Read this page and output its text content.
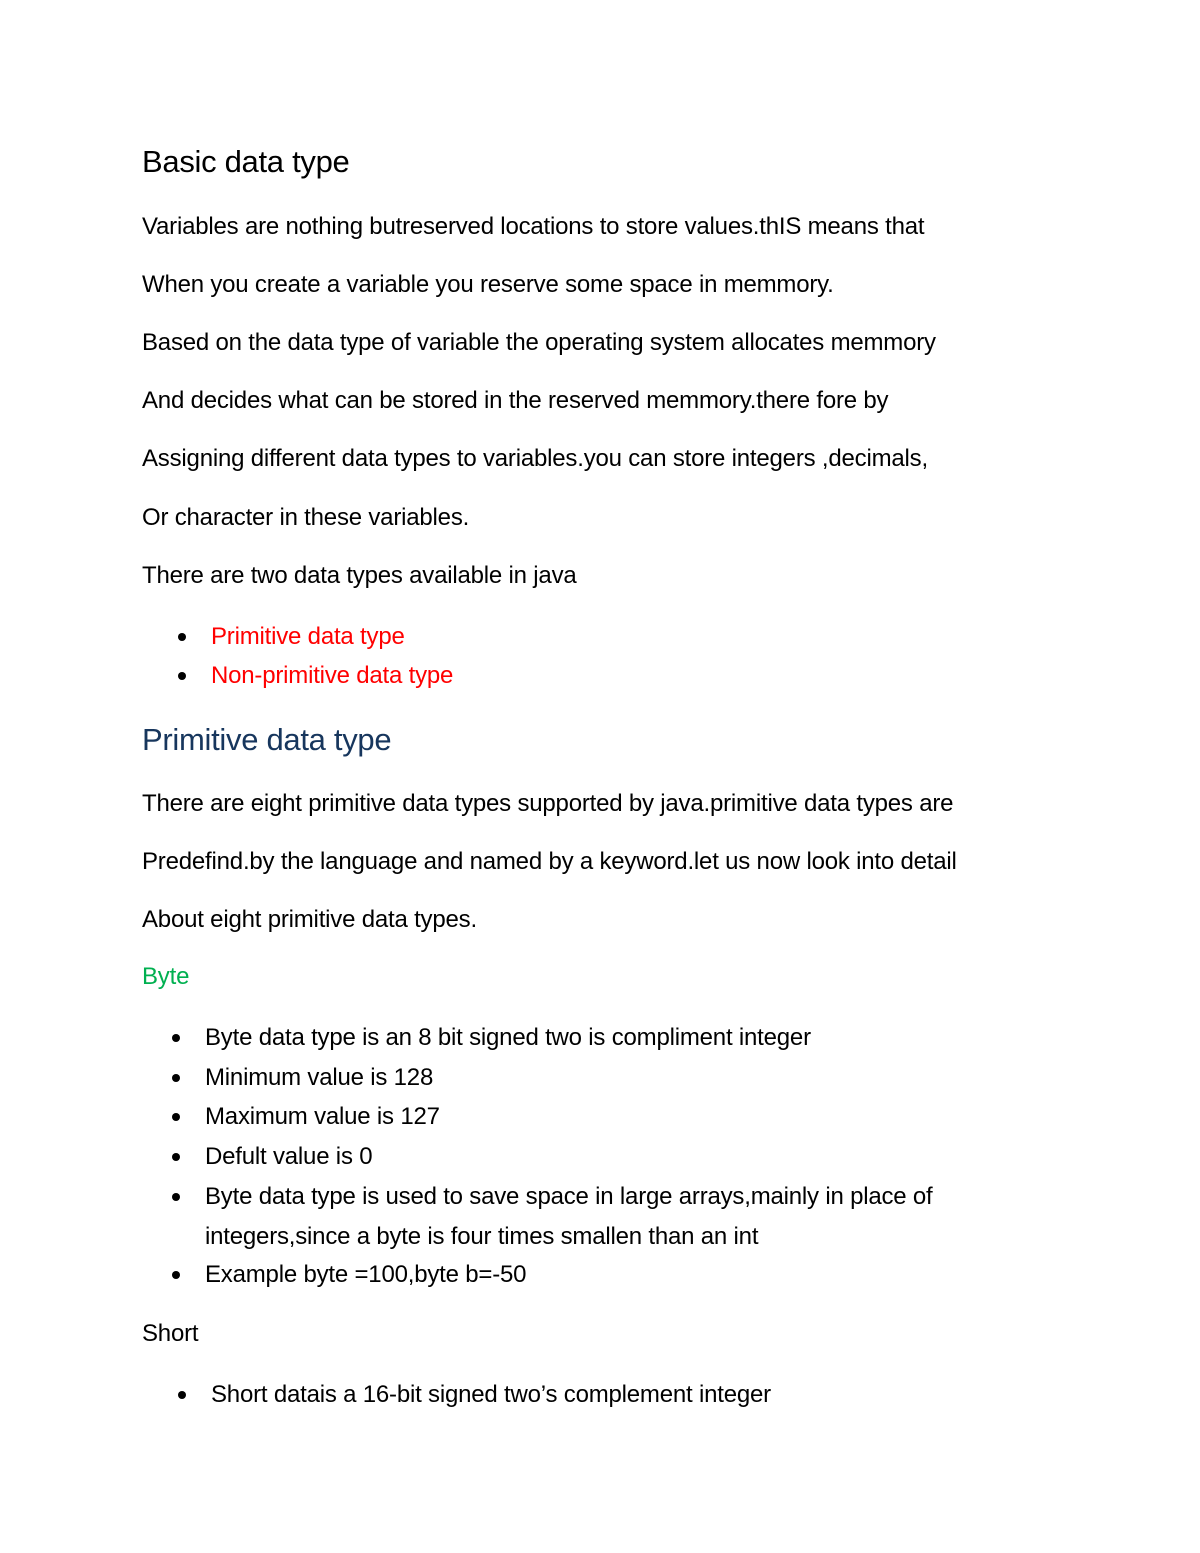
Basic data type
Variables are nothing butreserved locations to store values.thIS means that
When you create a variable you reserve some space in memmory.
Based on the data type of variable the operating system allocates memmory
And decides what can be stored in the reserved memmory.there fore by
Assigning different data types to variables.you can store integers ,decimals,
Or character in these variables.
There are two data types available in java
Primitive data type
Non-primitive data type
Primitive data type
There are eight primitive data types supported by java.primitive data types are
Predefind.by the language and named by a keyword.let us now look into detail
About eight primitive data types.
Byte
Byte data type is an 8 bit signed two is compliment integer
Minimum value is 128
Maximum value is 127
Defult value is 0
Byte data type is used to save space in large arrays,mainly in place of
integers,since a byte is four times smallen than an int
Example byte =100,byte b=-50
Short
Short datais a 16-bit signed two’s complement integer
